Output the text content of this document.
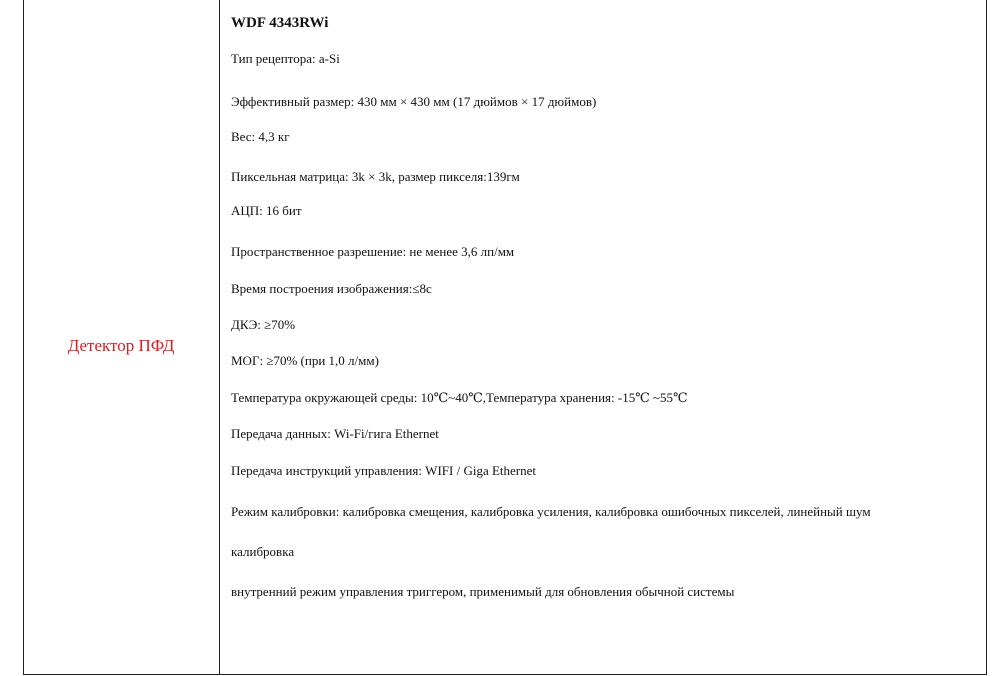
Детектор ПФД
WDF 4343RWi
Тип рецептора: a-Si
Эффективный размер: 430 мм × 430 мм (17 дюймов × 17 дюймов)
Вес: 4,3 кг
Пиксельная матрица: 3k × 3k, размер пикселя:139гм
АЦП: 16 бит
Пространственное разрешение: не менее 3,6 лп/мм
Время построения изображения:≤8с
ДКЭ: ≥70%
МОГ: ≥70% (при 1,0 л/мм)
Температура окружающей среды: 10℃~40℃,Температура хранения: -15℃ ~55℃
Передача данных: Wi-Fi/гига Ethernet
Передача инструкций управления: WIFI / Giga Ethernet
Режим калибровки: калибровка смещения, калибровка усиления, калибровка ошибочных пикселей, линейный шум
калибровка
внутренний режим управления триггером, применимый для обновления обычной системы
